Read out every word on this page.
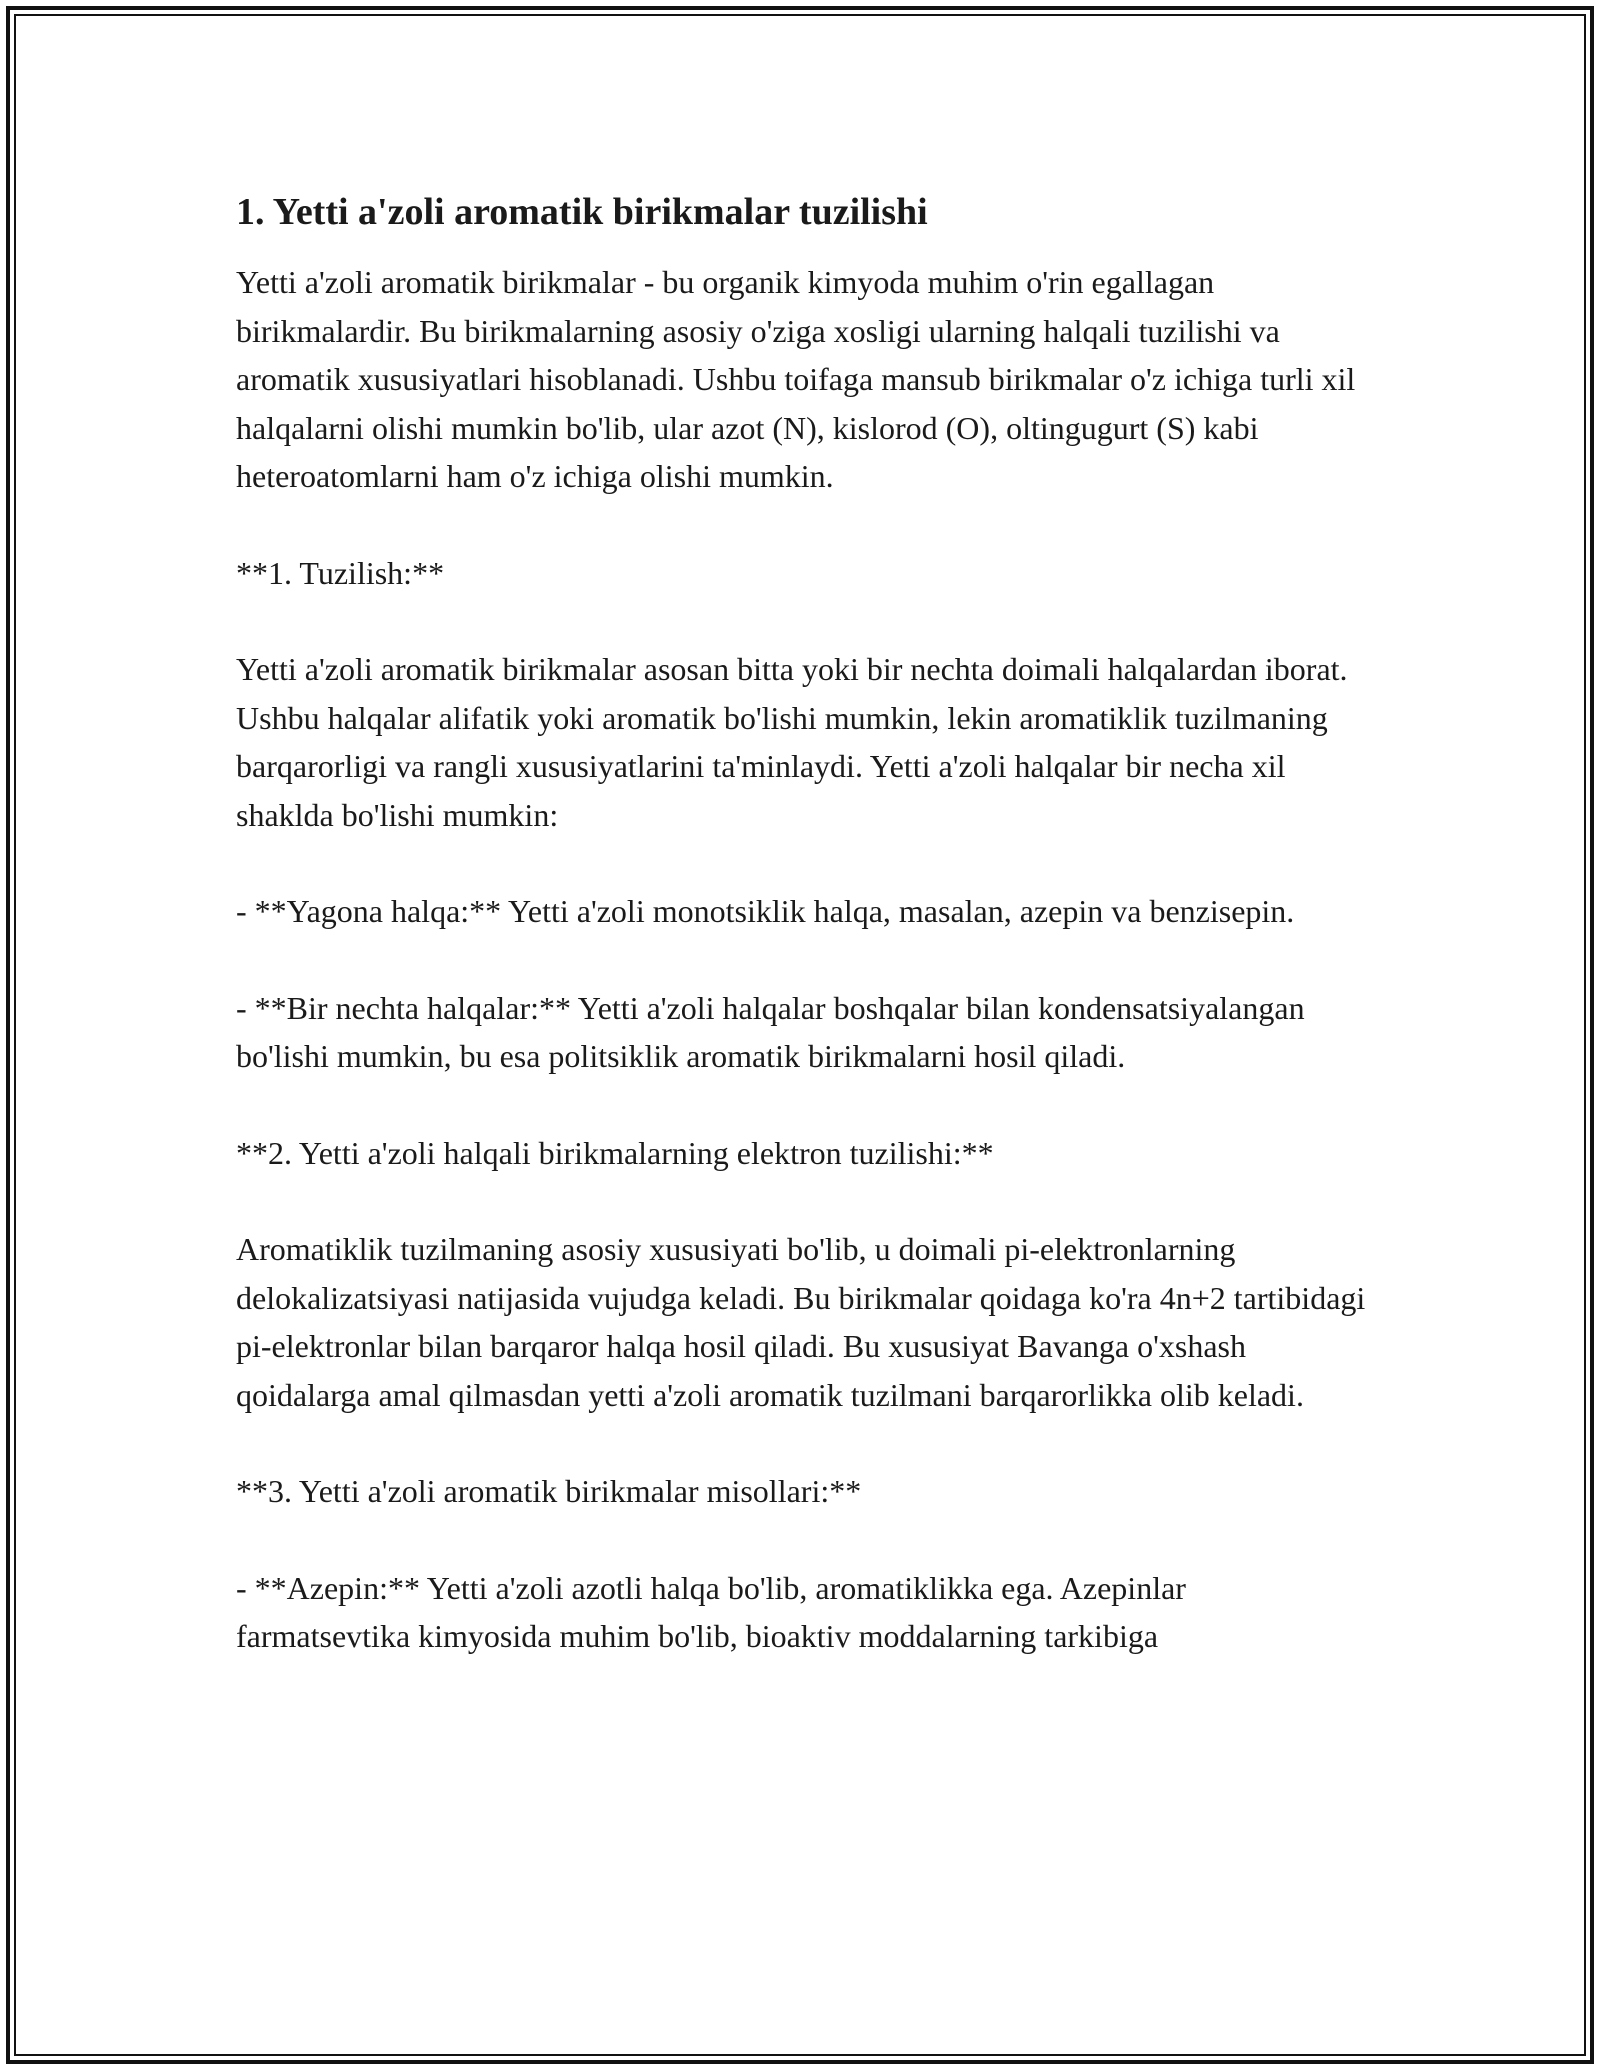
1. Yetti a'zoli aromatik birikmalar tuzilishi

Yetti a'zoli aromatik birikmalar - bu organik kimyoda muhim o'rin egallagan birikmalardir. Bu birikmalarning asosiy o'ziga xosligi ularning halqali tuzilishi va aromatik xususiyatlari hisoblanadi. Ushbu toifaga mansub birikmalar o'z ichiga turli xil halqalarni olishi mumkin bo'lib, ular azot (N), kislorod (O), oltingugurt (S) kabi heteroatomlarni ham o'z ichiga olishi mumkin.

**1. Tuzilish:**

Yetti a'zoli aromatik birikmalar asosan bitta yoki bir nechta doimali halqalardan iborat. Ushbu halqalar alifatik yoki aromatik bo'lishi mumkin, lekin aromatiklik tuzilmaning barqarorligi va rangli xususiyatlarini ta'minlaydi. Yetti a'zoli halqalar bir necha xil shakldа bo'lishi mumkin:

- **Yagona halqa:** Yetti a'zoli monotsiklik halqa, masalan, azepin va benzisepin.

- **Bir nechta halqalar:** Yetti a'zoli halqalar boshqalar bilan kondensatsiyalangan bo'lishi mumkin, bu esa politsiklik aromatik birikmalarni hosil qiladi.

**2. Yetti a'zoli halqali birikmalarning elektron tuzilishi:**

Aromatiklik tuzilmaning asosiy xususiyati bo'lib, u doimali pi-elektronlarning delokalizatsiyasi natijasida vujudga keladi. Bu birikmalar qoidaga ko'ra 4n+2 tartibidagi pi-elektronlar bilan barqaror halqa hosil qiladi. Bu xususiyat Bavanga o'xshash qoidalarga amal qilmasdan yetti a'zoli aromatik tuzilmani barqarorlikka olib keladi.

**3. Yetti a'zoli aromatik birikmalar misollari:**

- **Azepin:** Yetti a'zoli azotli halqa bo'lib, aromatiklikka ega. Azepinlar farmatsevtika kimyosida muhim bo'lib, bioaktiv moddalarning tarkibiga
